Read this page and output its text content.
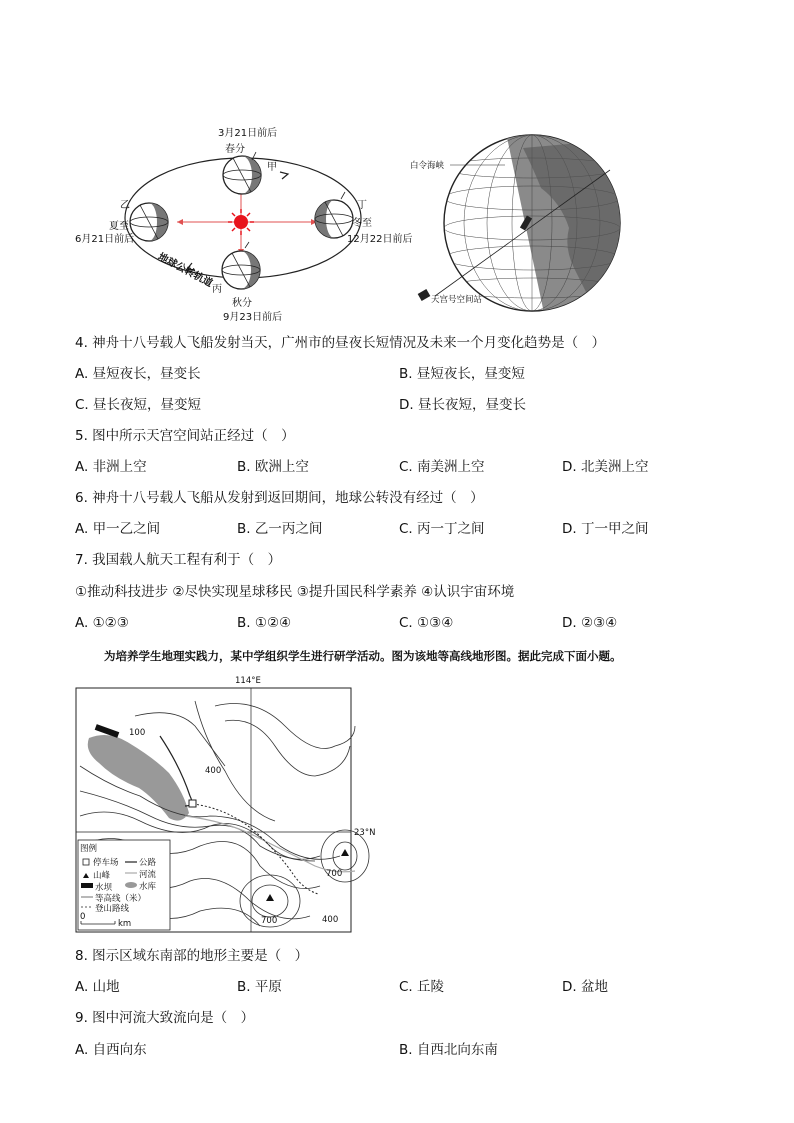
3月21日前后
春分
甲
乙
夏至
6月21日前后
丁
冬至
12月22日前后
丙
秋分
9月23日前后
地球公转轨道
白令海峡
天宫号空间站
4. 神舟十八号载人飞船发射当天，广州市的昼夜长短情况及未来一个月变化趋势是（　）
A. 昼短夜长，昼变长	B. 昼短夜长，昼变短
C. 昼长夜短，昼变短	D. 昼长夜短，昼变长
5. 图中所示天宫空间站正经过（　）
A. 非洲上空	B. 欧洲上空	C. 南美洲上空	D. 北美洲上空
6. 神舟十八号载人飞船从发射到返回期间，地球公转没有经过（　）
A. 甲一乙之间	B. 乙一丙之间	C. 丙一丁之间	D. 丁一甲之间
7. 我国载人航天工程有利于（　）
①推动科技进步 ②尽快实现星球移民 ③提升国民科学素养 ④认识宇宙环境
A. ①②③	B. ①②④	C. ①③④	D. ②③④
为培养学生地理实践力，某中学组织学生进行研学活动。图为该地等高线地形图。据此完成下面小题。
114°E
23°N
100
400
700
700	400
图例
停车场 公路
山峰	河流
水坝	水库
等高线（米）
登山路线
0
km
8. 图示区域东南部的地形主要是（　）
A. 山地	B. 平原	C. 丘陵	D. 盆地
9. 图中河流大致流向是（　）
A. 自西向东	B. 自西北向东南
